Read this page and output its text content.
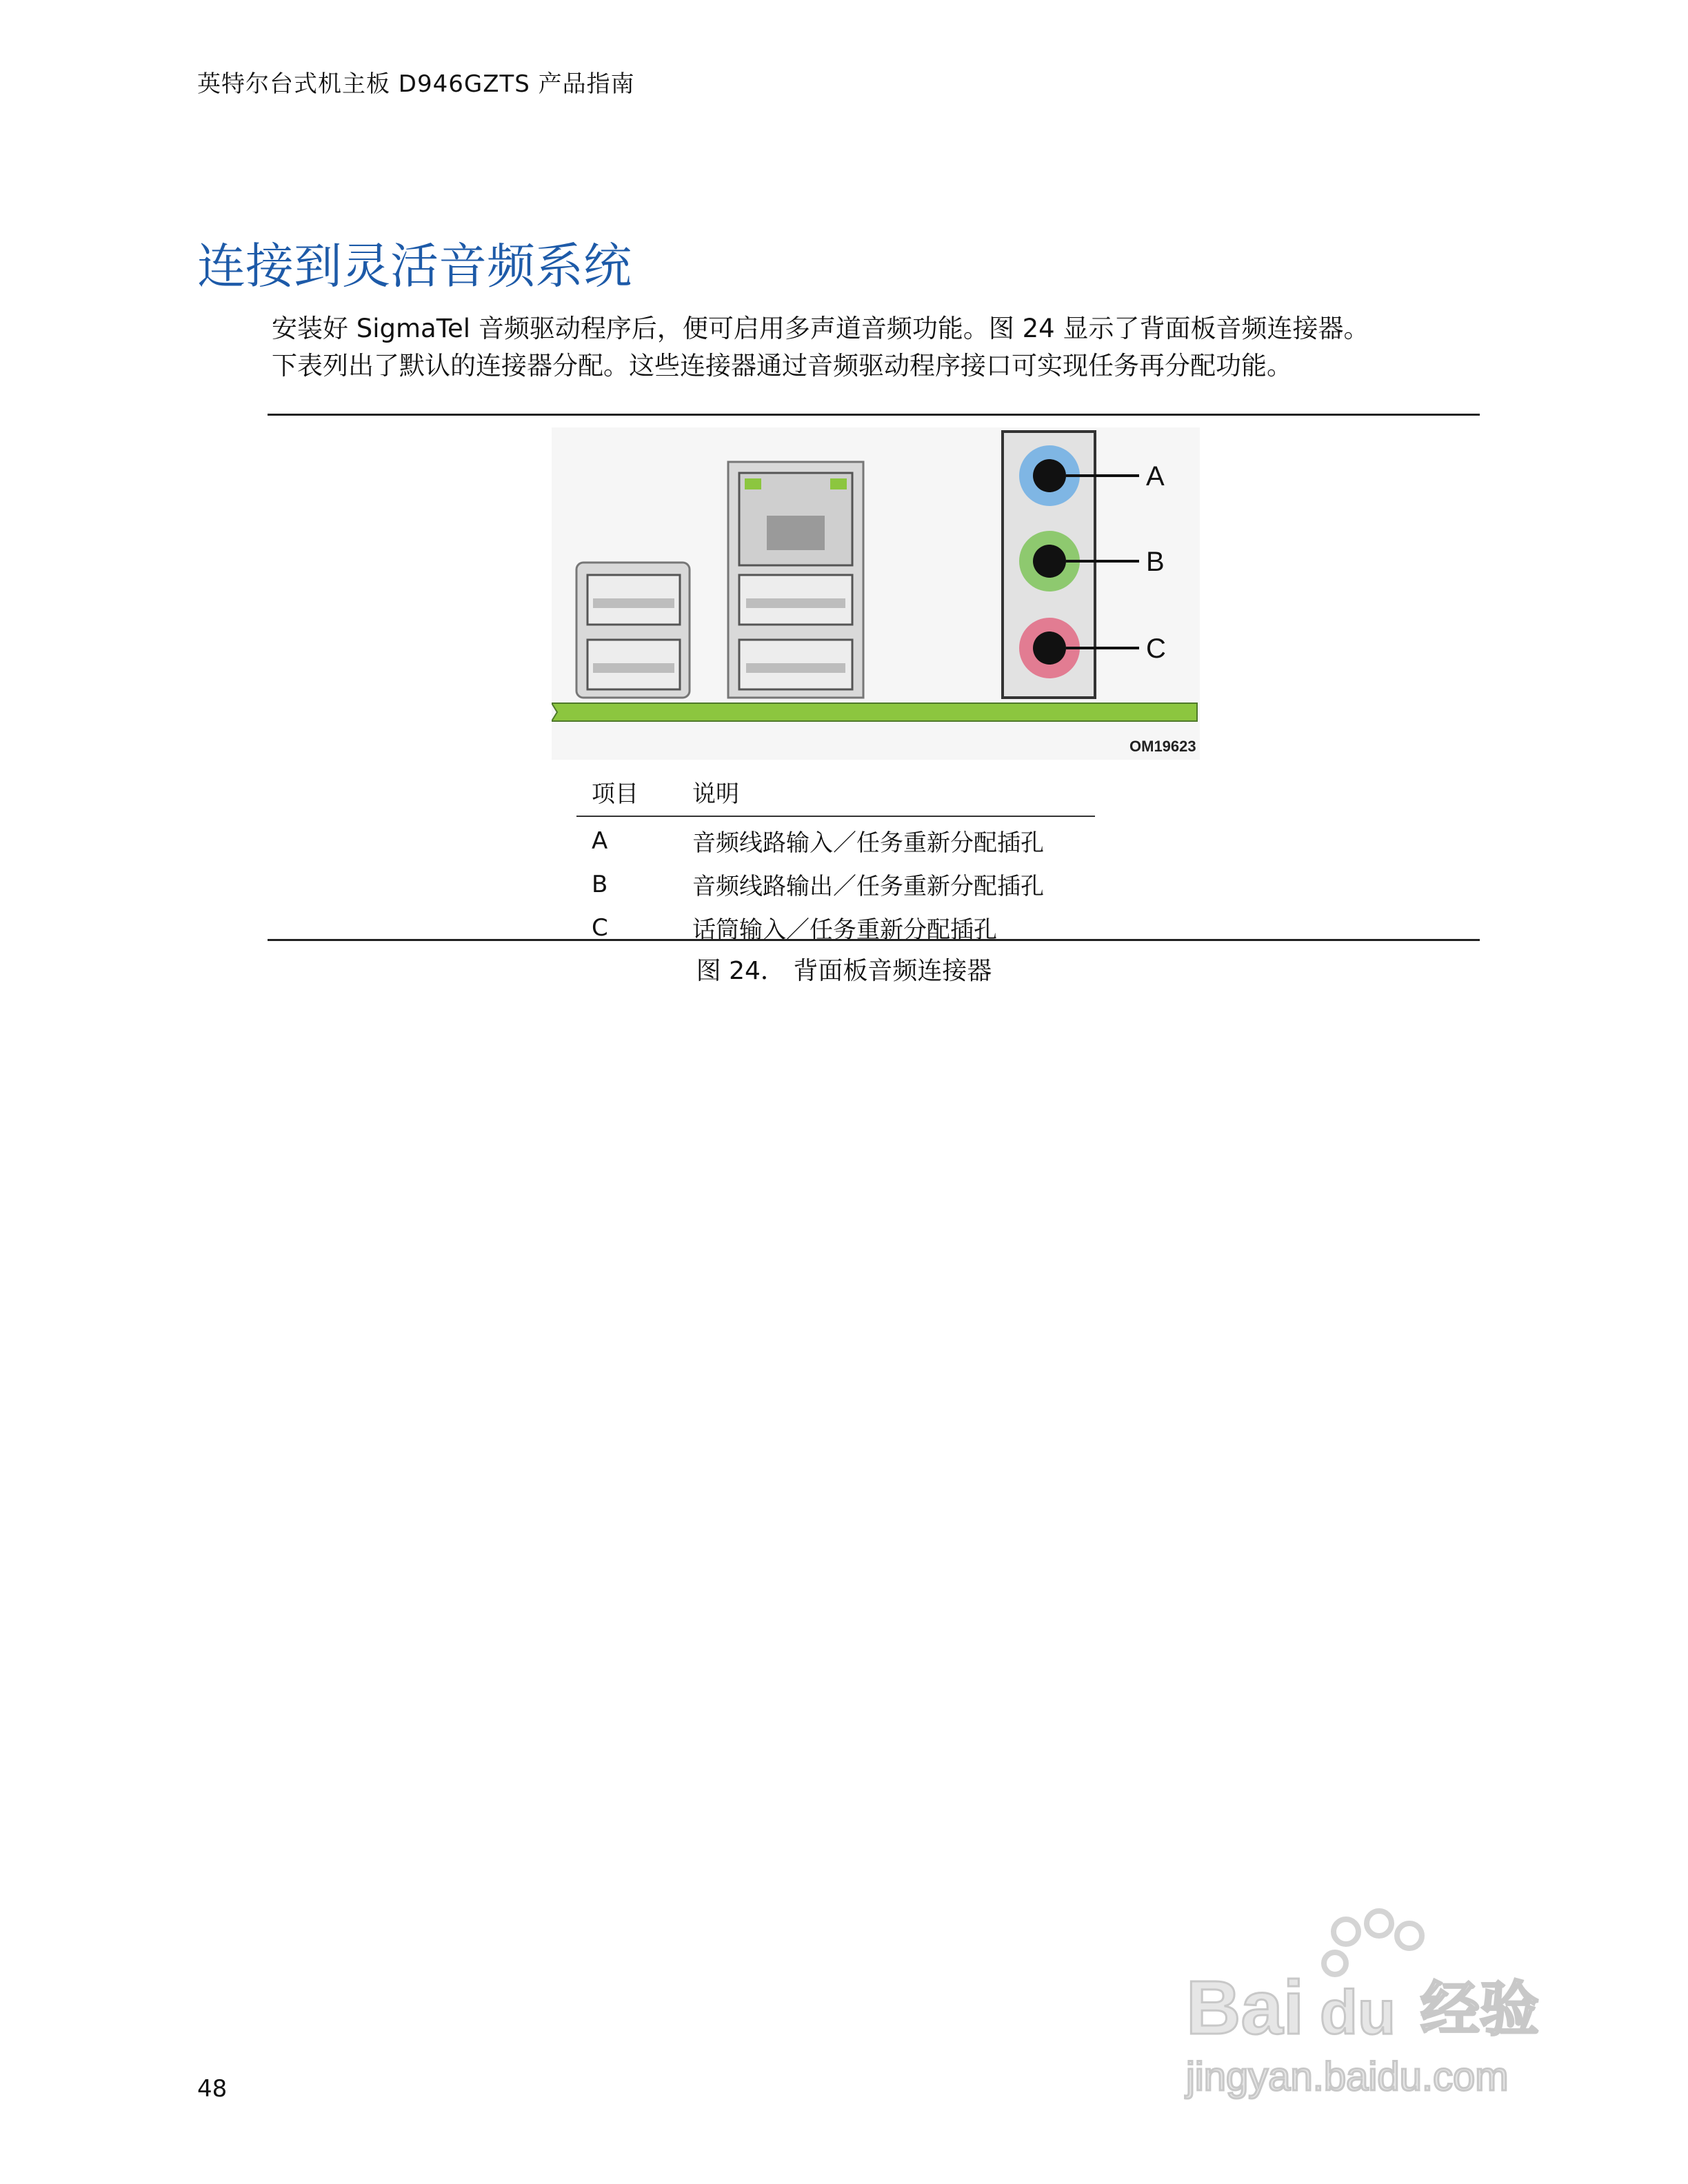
英特尔台式机主板 D946GZTS 产品指南
连接到灵活音频系统

安装好 SigmaTel 音频驱动程序后，便可启用多声道音频功能。图 24 显示了背面板音频连接器。

下表列出了默认的连接器分配。这些连接器通过音频驱动程序接口可实现任务再分配功能。

A
B
C
OM19623
项目	说明
A	音频线路输入／任务重新分配插孔
B	音频线路输出／任务重新分配插孔
C	话筒输入／任务重新分配插孔
图 24． 背面板音频连接器
48
Bai du 经验
jingyan.baidu.com
